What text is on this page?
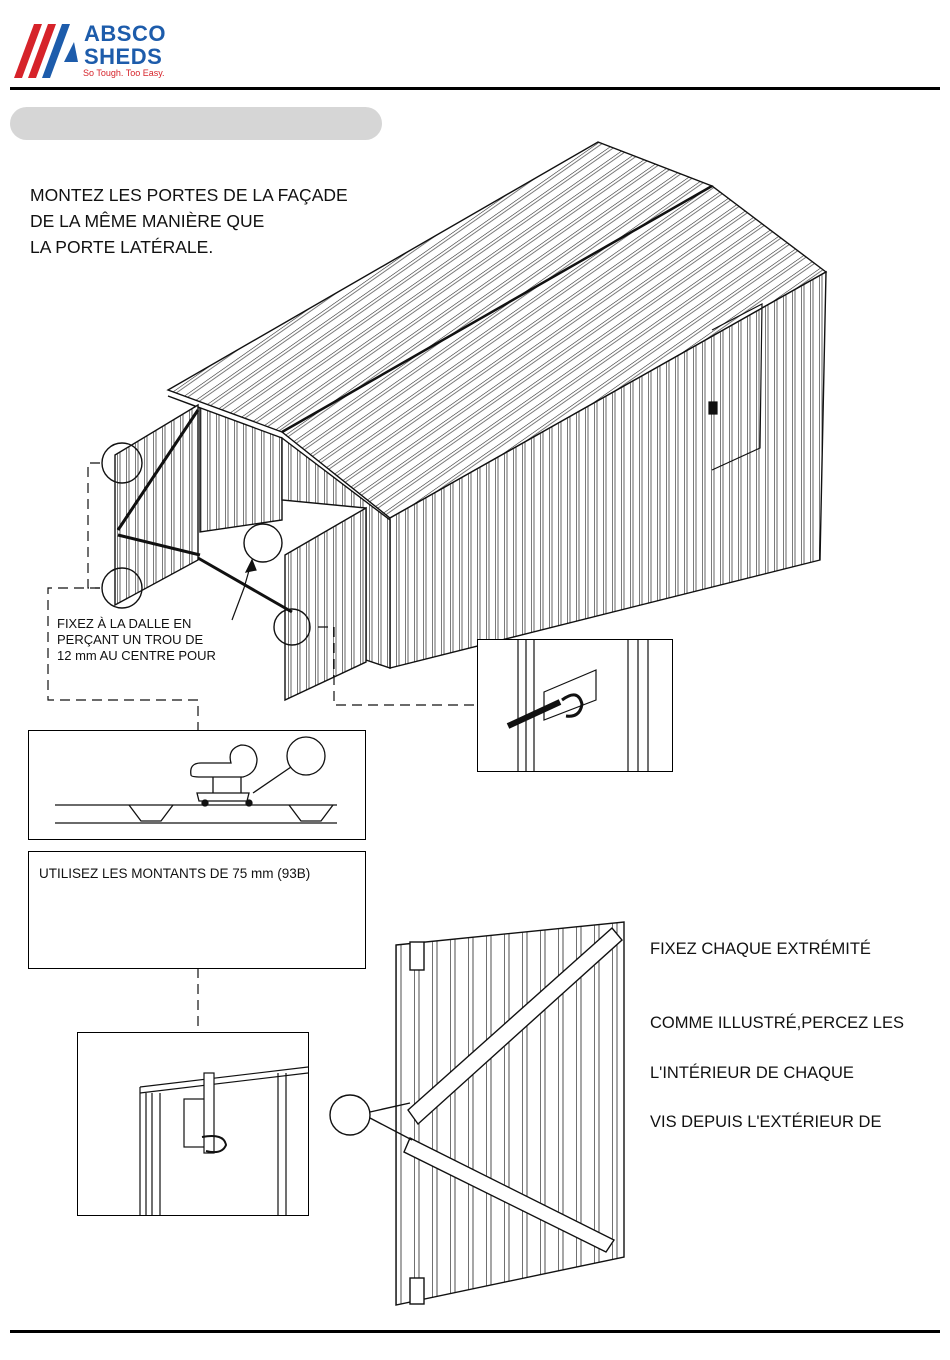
ABSCO
SHEDS
So Tough. Too Easy.
MONTEZ LES PORTES DE LA FAÇADE
DE LA MÊME MANIÈRE QUE
LA PORTE LATÉRALE.
FIXEZ À LA DALLE EN
PERÇANT UN TROU DE
12 mm AU CENTRE POUR
UTILISEZ LES MONTANTS DE 75 mm (93B)
FIXEZ CHAQUE EXTRÉMITÉ
COMME ILLUSTRÉ,PERCEZ LES
L'INTÉRIEUR DE CHAQUE
VIS DEPUIS L'EXTÉRIEUR DE
